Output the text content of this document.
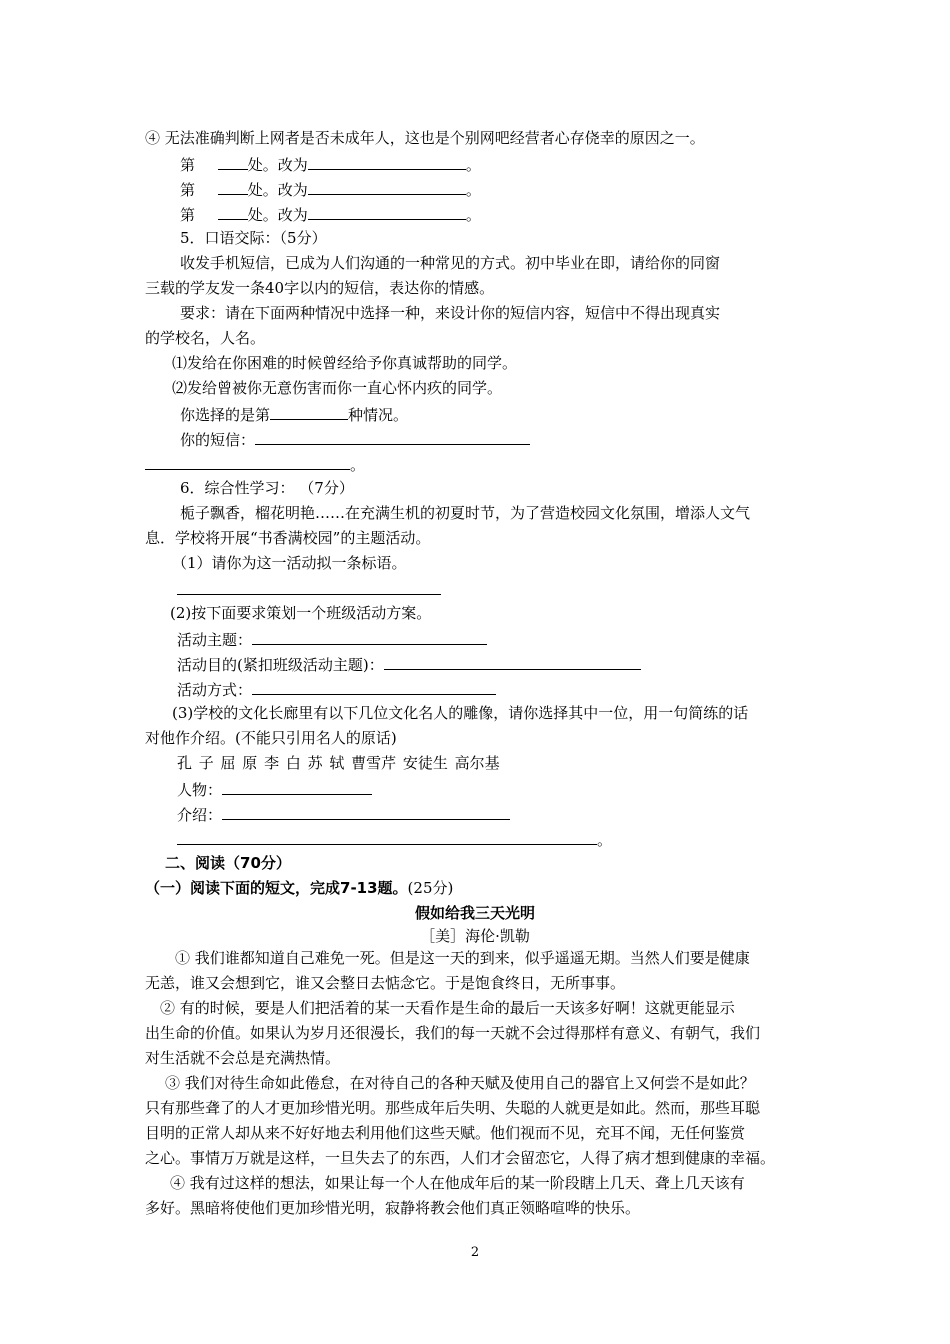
④ 无法准确判断上网者是否未成年人，这也是个别网吧经营者心存侥幸的原因之一。
第	处。改为	。
第	处。改为	。
第	处。改为	。
5．口语交际：（5分）
收发手机短信，已成为人们沟通的一种常见的方式。初中毕业在即，请给你的同窗
三载的学友发一条40字以内的短信，表达你的情感。
要求：请在下面两种情况中选择一种，来设计你的短信内容，短信中不得出现真实
的学校名，人名。
⑴发给在你困难的时候曾经给予你真诚帮助的同学。
⑵发给曾被你无意伤害而你一直心怀内疚的同学。
你选择的是第	种情况。
你的短信：
。
6．综合性学习： （7分）
栀子飘香，榴花明艳……在充满生机的初夏时节，为了营造校园文化氛围，增添人文气
息．学校将开展“书香满校园”的主题活动。
（1）请你为这一活动拟一条标语。
(2)按下面要求策划一个班级活动方案。
活动主题：
活动目的(紧扣班级活动主题)：
活动方式：
(3)学校的文化长廊里有以下几位文化名人的雕像，请你选择其中一位，用一句简练的话
对他作介绍。(不能只引用名人的原话)
孔 子 屈 原 李 白 苏 轼 曹雪芹 安徒生 高尔基
人物：
介绍：
。
二、阅读（70分）
（一）阅读下面的短文，完成7-13题。(25分)
假如给我三天光明
［美］海伦·凯勒
① 我们谁都知道自己难免一死。但是这一天的到来，似乎遥遥无期。当然人们要是健康
无恙，谁又会想到它，谁又会整日去惦念它。于是饱食终日，无所事事。
② 有的时候，要是人们把活着的某一天看作是生命的最后一天该多好啊！这就更能显示
出生命的价值。如果认为岁月还很漫长，我们的每一天就不会过得那样有意义、有朝气，我们
对生活就不会总是充满热情。
③ 我们对待生命如此倦怠，在对待自己的各种天赋及使用自己的器官上又何尝不是如此？
只有那些聋了的人才更加珍惜光明。那些成年后失明、失聪的人就更是如此。然而，那些耳聪
目明的正常人却从来不好好地去利用他们这些天赋。他们视而不见，充耳不闻，无任何鉴赏
之心。事情万万就是这样，一旦失去了的东西，人们才会留恋它，人得了病才想到健康的幸福。
④ 我有过这样的想法，如果让每一个人在他成年后的某一阶段瞎上几天、聋上几天该有
多好。黑暗将使他们更加珍惜光明，寂静将教会他们真正领略喧哗的快乐。
2
